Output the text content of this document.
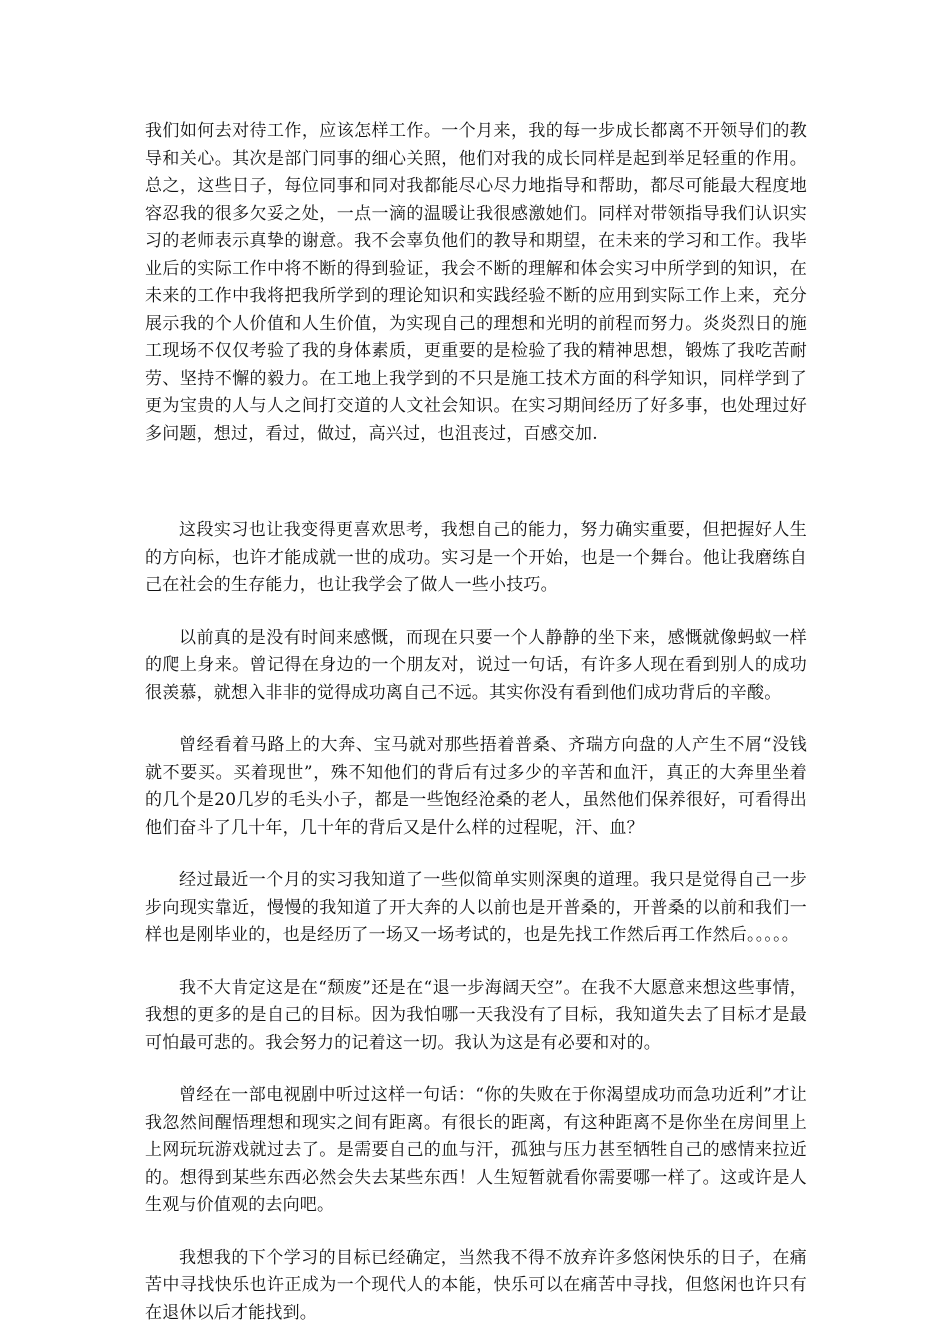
我们如何去对待工作，应该怎样工作。一个月来，我的每一步成长都离不开领导们的教导和关心。其次是部门同事的细心关照，他们对我的成长同样是起到举足轻重的作用。总之，这些日子，每位同事和同对我都能尽心尽力地指导和帮助，都尽可能最大程度地容忍我的很多欠妥之处，一点一滴的温暖让我很感激她们。同样对带领指导我们认识实习的老师表示真挚的谢意。我不会辜负他们的教导和期望，在未来的学习和工作。我毕业后的实际工作中将不断的得到验证，我会不断的理解和体会实习中所学到的知识，在未来的工作中我将把我所学到的理论知识和实践经验不断的应用到实际工作上来，充分展示我的个人价值和人生价值，为实现自己的理想和光明的前程而努力。炎炎烈日的施工现场不仅仅考验了我的身体素质，更重要的是检验了我的精神思想，锻炼了我吃苦耐劳、坚持不懈的毅力。在工地上我学到的不只是施工技术方面的科学知识，同样学到了更为宝贵的人与人之间打交道的人文社会知识。在实习期间经历了好多事，也处理过好多问题，想过，看过，做过，高兴过，也沮丧过，百感交加.

这段实习也让我变得更喜欢思考，我想自己的能力，努力确实重要，但把握好人生的方向标，也许才能成就一世的成功。实习是一个开始，也是一个舞台。他让我磨练自己在社会的生存能力，也让我学会了做人一些小技巧。

以前真的是没有时间来感慨，而现在只要一个人静静的坐下来，感慨就像蚂蚁一样的爬上身来。曾记得在身边的一个朋友对，说过一句话，有许多人现在看到别人的成功很羡慕，就想入非非的觉得成功离自己不远。其实你没有看到他们成功背后的辛酸。

曾经看着马路上的大奔、宝马就对那些捂着普桑、齐瑞方向盘的人产生不屑“没钱就不要买。买着现世”，殊不知他们的背后有过多少的辛苦和血汗，真正的大奔里坐着的几个是20几岁的毛头小子，都是一些饱经沧桑的老人，虽然他们保养很好，可看得出他们奋斗了几十年，几十年的背后又是什么样的过程呢，汗、血？

经过最近一个月的实习我知道了一些似简单实则深奥的道理。我只是觉得自己一步步向现实靠近，慢慢的我知道了开大奔的人以前也是开普桑的，开普桑的以前和我们一样也是刚毕业的，也是经历了一场又一场考试的，也是先找工作然后再工作然后。。。。。

我不大肯定这是在“颓废”还是在“退一步海阔天空”。在我不大愿意来想这些事情，我想的更多的是自己的目标。因为我怕哪一天我没有了目标，我知道失去了目标才是最可怕最可悲的。我会努力的记着这一切。我认为这是有必要和对的。

曾经在一部电视剧中听过这样一句话：“你的失败在于你渴望成功而急功近利”才让我忽然间醒悟理想和现实之间有距离。有很长的距离，有这种距离不是你坐在房间里上上网玩玩游戏就过去了。是需要自己的血与汗，孤独与压力甚至牺牲自己的感情来拉近的。想得到某些东西必然会失去某些东西！人生短暂就看你需要哪一样了。这或许是人生观与价值观的去向吧。

我想我的下个学习的目标已经确定，当然我不得不放弃许多悠闲快乐的日子，在痛苦中寻找快乐也许正成为一个现代人的本能，快乐可以在痛苦中寻找，但悠闲也许只有在退休以后才能找到。
